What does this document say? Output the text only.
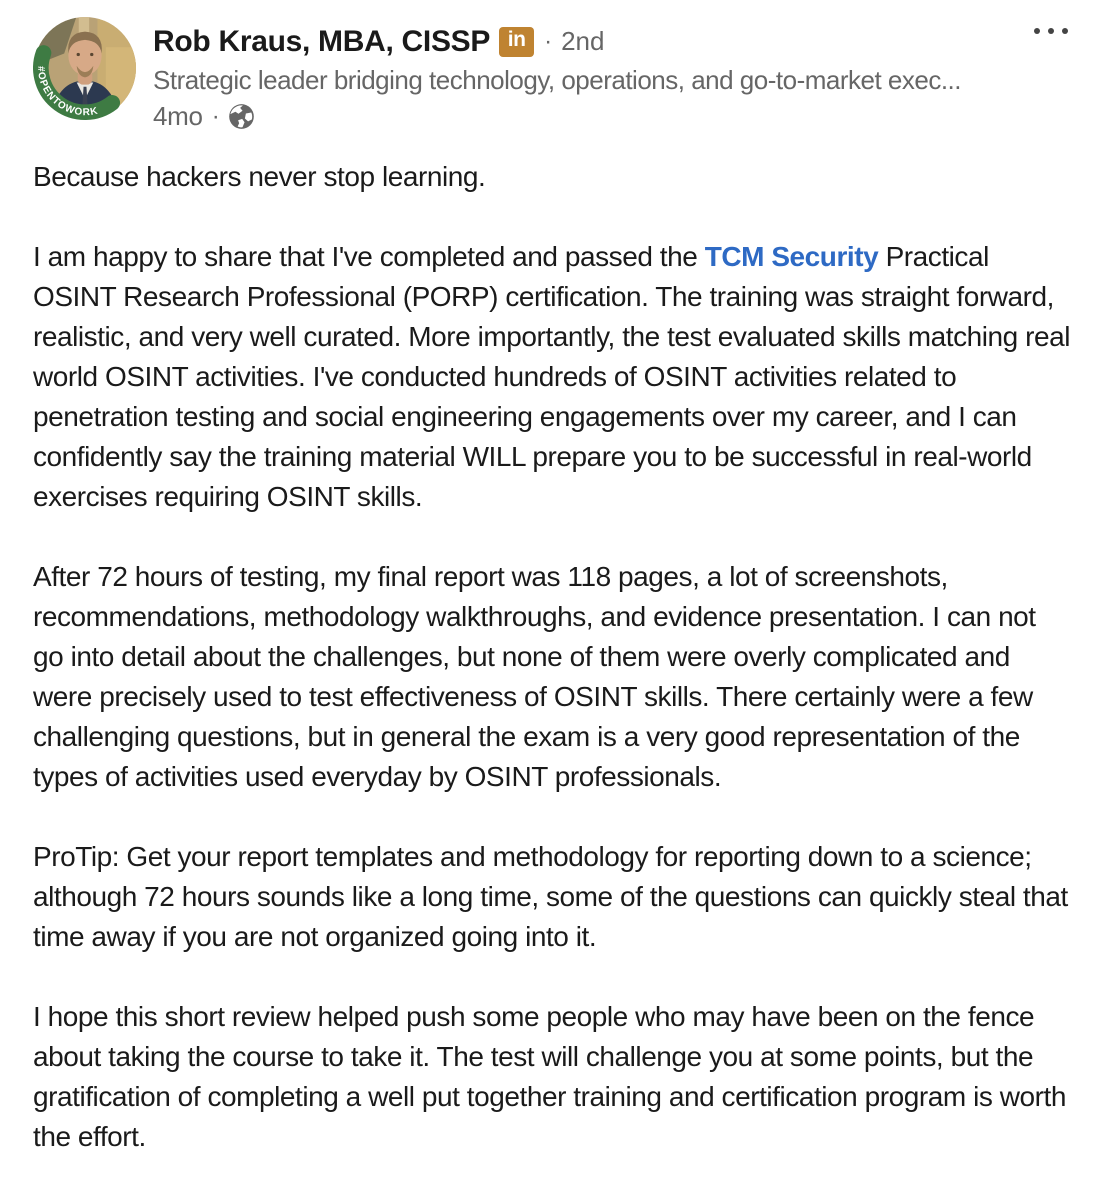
#OPENTOWORK
Rob Kraus, MBA, CISSP in · 2nd
Strategic leader bridging technology, operations, and go-to-market exec...
4mo ·

Because hackers never stop learning.

I am happy to share that I've completed and passed the TCM Security Practical OSINT Research Professional (PORP) certification. The training was straight forward, realistic, and very well curated. More importantly, the test evaluated skills matching real world OSINT activities. I've conducted hundreds of OSINT activities related to penetration testing and social engineering engagements over my career, and I can confidently say the training material WILL prepare you to be successful in real-world exercises requiring OSINT skills.

After 72 hours of testing, my final report was 118 pages, a lot of screenshots, recommendations, methodology walkthroughs, and evidence presentation. I can not go into detail about the challenges, but none of them were overly complicated and were precisely used to test effectiveness of OSINT skills. There certainly were a few challenging questions, but in general the exam is a very good representation of the types of activities used everyday by OSINT professionals.

ProTip: Get your report templates and methodology for reporting down to a science; although 72 hours sounds like a long time, some of the questions can quickly steal that time away if you are not organized going into it.

I hope this short review helped push some people who may have been on the fence about taking the course to take it. The test will challenge you at some points, but the gratification of completing a well put together training and certification program is worth the effort.
